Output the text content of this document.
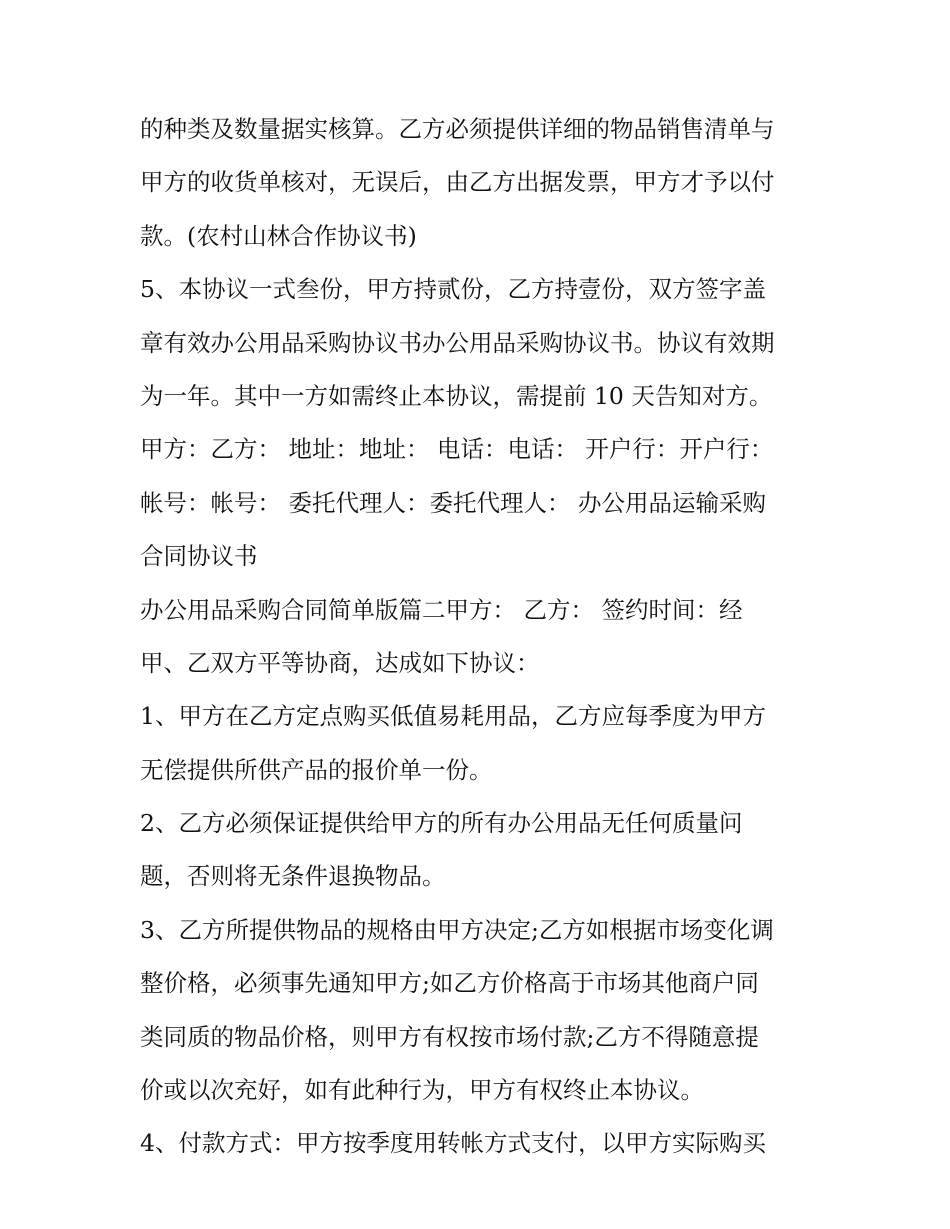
的种类及数量据实核算。乙方必须提供详细的物品销售清单与
甲方的收货单核对，无误后，由乙方出据发票，甲方才予以付
款。(农村山林合作协议书)
5、本协议一式叁份，甲方持贰份，乙方持壹份，双方签字盖
章有效办公用品采购协议书办公用品采购协议书。协议有效期
为一年。其中一方如需终止本协议，需提前 10 天告知对方。
甲方：乙方： 地址：地址： 电话：电话： 开户行：开户行：
帐号：帐号： 委托代理人：委托代理人： 办公用品运输采购
合同协议书
办公用品采购合同简单版篇二甲方： 乙方： 签约时间：经
甲、乙双方平等协商，达成如下协议：
1、甲方在乙方定点购买低值易耗用品，乙方应每季度为甲方
无偿提供所供产品的报价单一份。
2、乙方必须保证提供给甲方的所有办公用品无任何质量问
题，否则将无条件退换物品。
3、乙方所提供物品的规格由甲方决定;乙方如根据市场变化调
整价格，必须事先通知甲方;如乙方价格高于市场其他商户同
类同质的物品价格，则甲方有权按市场付款;乙方不得随意提
价或以次充好，如有此种行为，甲方有权终止本协议。
4、付款方式：甲方按季度用转帐方式支付，以甲方实际购买
